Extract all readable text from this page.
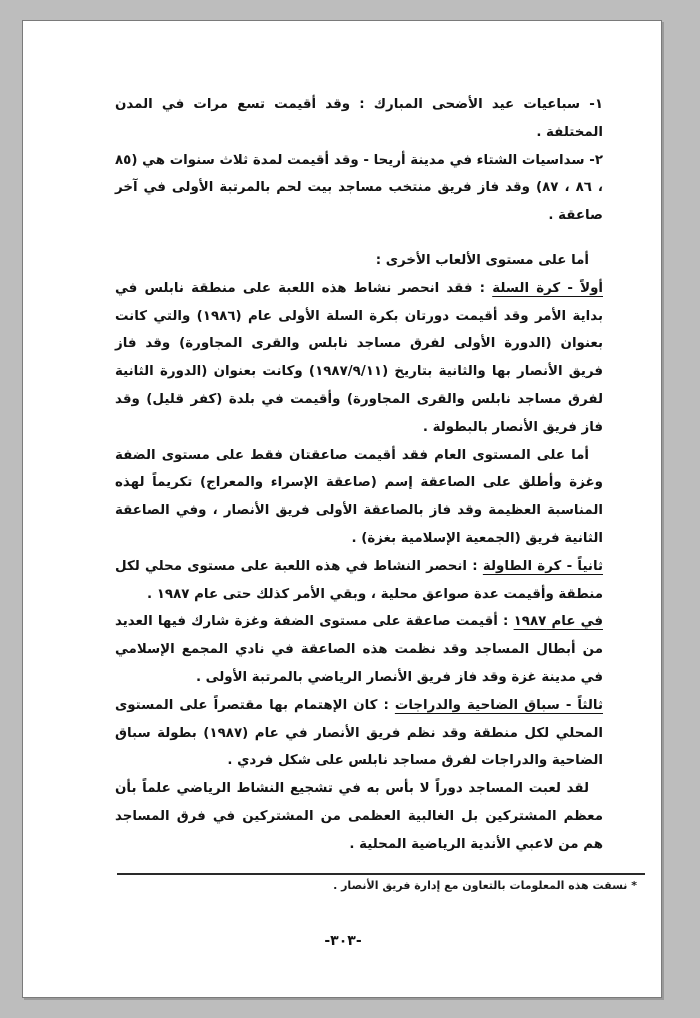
١- سباعيات عيد الأضحى المبارك : وقد أقيمت تسع مرات في المدن المختلفة .

٢- سداسيات الشتاء في مدينة أريحا - وقد أقيمت لمدة ثلاث سنوات هي (٨٥ ، ٨٦ ، ٨٧) وقد فاز فريق منتخب مساجد بيت لحم بالمرتبة الأولى في آخر صاعقة .

أما على مستوى الألعاب الأخرى :

أولاً - كرة السلة : فقد انحصر نشاط هذه اللعبة على منطقة نابلس في بداية الأمر وقد أقيمت دورتان بكرة السلة الأولى عام (١٩٨٦) والتي كانت بعنوان (الدورة الأولى لفرق مساجد نابلس والقرى المجاورة) وقد فاز فريق الأنصار بها والثانية بتاريخ (١٩٨٧/٩/١١) وكانت بعنوان (الدورة الثانية لفرق مساجد نابلس والقرى المجاورة) وأقيمت في بلدة (كفر قليل) وقد فاز فريق الأنصار بالبطولة .

أما على المستوى العام فقد أقيمت صاعقتان فقط على مستوى الضفة وغزة وأطلق على الصاعقة إسم (صاعقة الإسراء والمعراج) تكريماً لهذه المناسبة العظيمة وقد فاز بالصاعقة الأولى فريق الأنصار ، وفي الصاعقة الثانية فريق (الجمعية الإسلامية بغزة) .

ثانياً - كرة الطاولة : انحصر النشاط في هذه اللعبة على مستوى محلي لكل منطقة وأقيمت عدة صواعق محلية ، وبقي الأمر كذلك حتى عام ١٩٨٧ .

في عام ١٩٨٧ : أقيمت صاعقة على مستوى الضفة وغزة شارك فيها العديد من أبطال المساجد وقد نظمت هذه الصاعقة في نادي المجمع الإسلامي في مدينة غزة وقد فاز فريق الأنصار الرياضي بالمرتبة الأولى .

ثالثاً - سباق الضاحية والدراجات : كان الإهتمام بها مقتصراً على المستوى المحلي لكل منطقة وقد نظم فريق الأنصار في عام (١٩٨٧) بطولة سباق الضاحية والدراجات لفرق مساجد نابلس على شكل فردي .

لقد لعبت المساجد دوراً لا بأس به في تشجيع النشاط الرياضي علماً بأن معظم المشتركين بل الغالبية العظمى من المشتركين في فرق المساجد هم من لاعبي الأندية الرياضية المحلية .

* نسقت هذه المعلومات بالتعاون مع إدارة فريق الأنصار .
-٣٠٣-
